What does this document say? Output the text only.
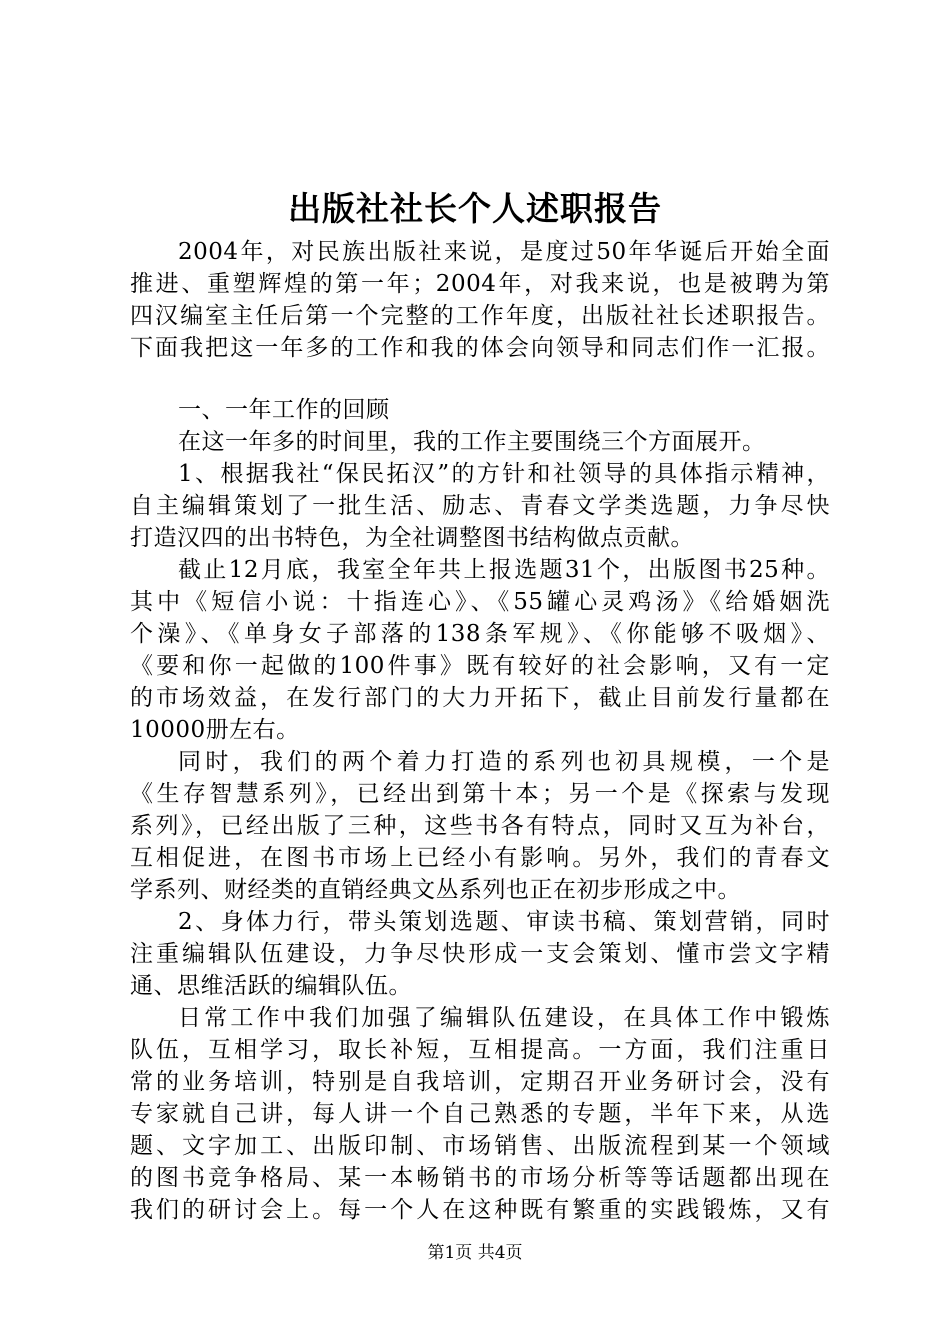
出版社社长个人述职报告
2004年，对民族出版社来说，是度过50年华诞后开始全面
推进、重塑辉煌的第一年；2004年，对我来说，也是被聘为第
四汉编室主任后第一个完整的工作年度，出版社社长述职报告。
下面我把这一年多的工作和我的体会向领导和同志们作一汇报。
一、一年工作的回顾
在这一年多的时间里，我的工作主要围绕三个方面展开。
1、根据我社“保民拓汉”的方针和社领导的具体指示精神，
自主编辑策划了一批生活、励志、青春文学类选题，力争尽快
打造汉四的出书特色，为全社调整图书结构做点贡献。
截止12月底，我室全年共上报选题31个，出版图书25种。
其中《短信小说：十指连心》、《55罐心灵鸡汤》《给婚姻洗
个澡》、《单身女子部落的138条军规》、《你能够不吸烟》、
《要和你一起做的100件事》既有较好的社会影响，又有一定
的市场效益，在发行部门的大力开拓下，截止目前发行量都在
10000册左右。
同时，我们的两个着力打造的系列也初具规模，一个是
《生存智慧系列》，已经出到第十本；另一个是《探索与发现
系列》，已经出版了三种，这些书各有特点，同时又互为补台，
互相促进，在图书市场上已经小有影响。另外，我们的青春文
学系列、财经类的直销经典文丛系列也正在初步形成之中。
2、身体力行，带头策划选题、审读书稿、策划营销，同时
注重编辑队伍建设，力争尽快形成一支会策划、懂市尝文字精
通、思维活跃的编辑队伍。
日常工作中我们加强了编辑队伍建设，在具体工作中锻炼
队伍，互相学习，取长补短，互相提高。一方面，我们注重日
常的业务培训，特别是自我培训，定期召开业务研讨会，没有
专家就自己讲，每人讲一个自己熟悉的专题，半年下来，从选
题、文字加工、出版印制、市场销售、出版流程到某一个领域
的图书竞争格局、某一本畅销书的市场分析等等话题都出现在
我们的研讨会上。每一个人在这种既有繁重的实践锻炼，又有
第1页 共4页
